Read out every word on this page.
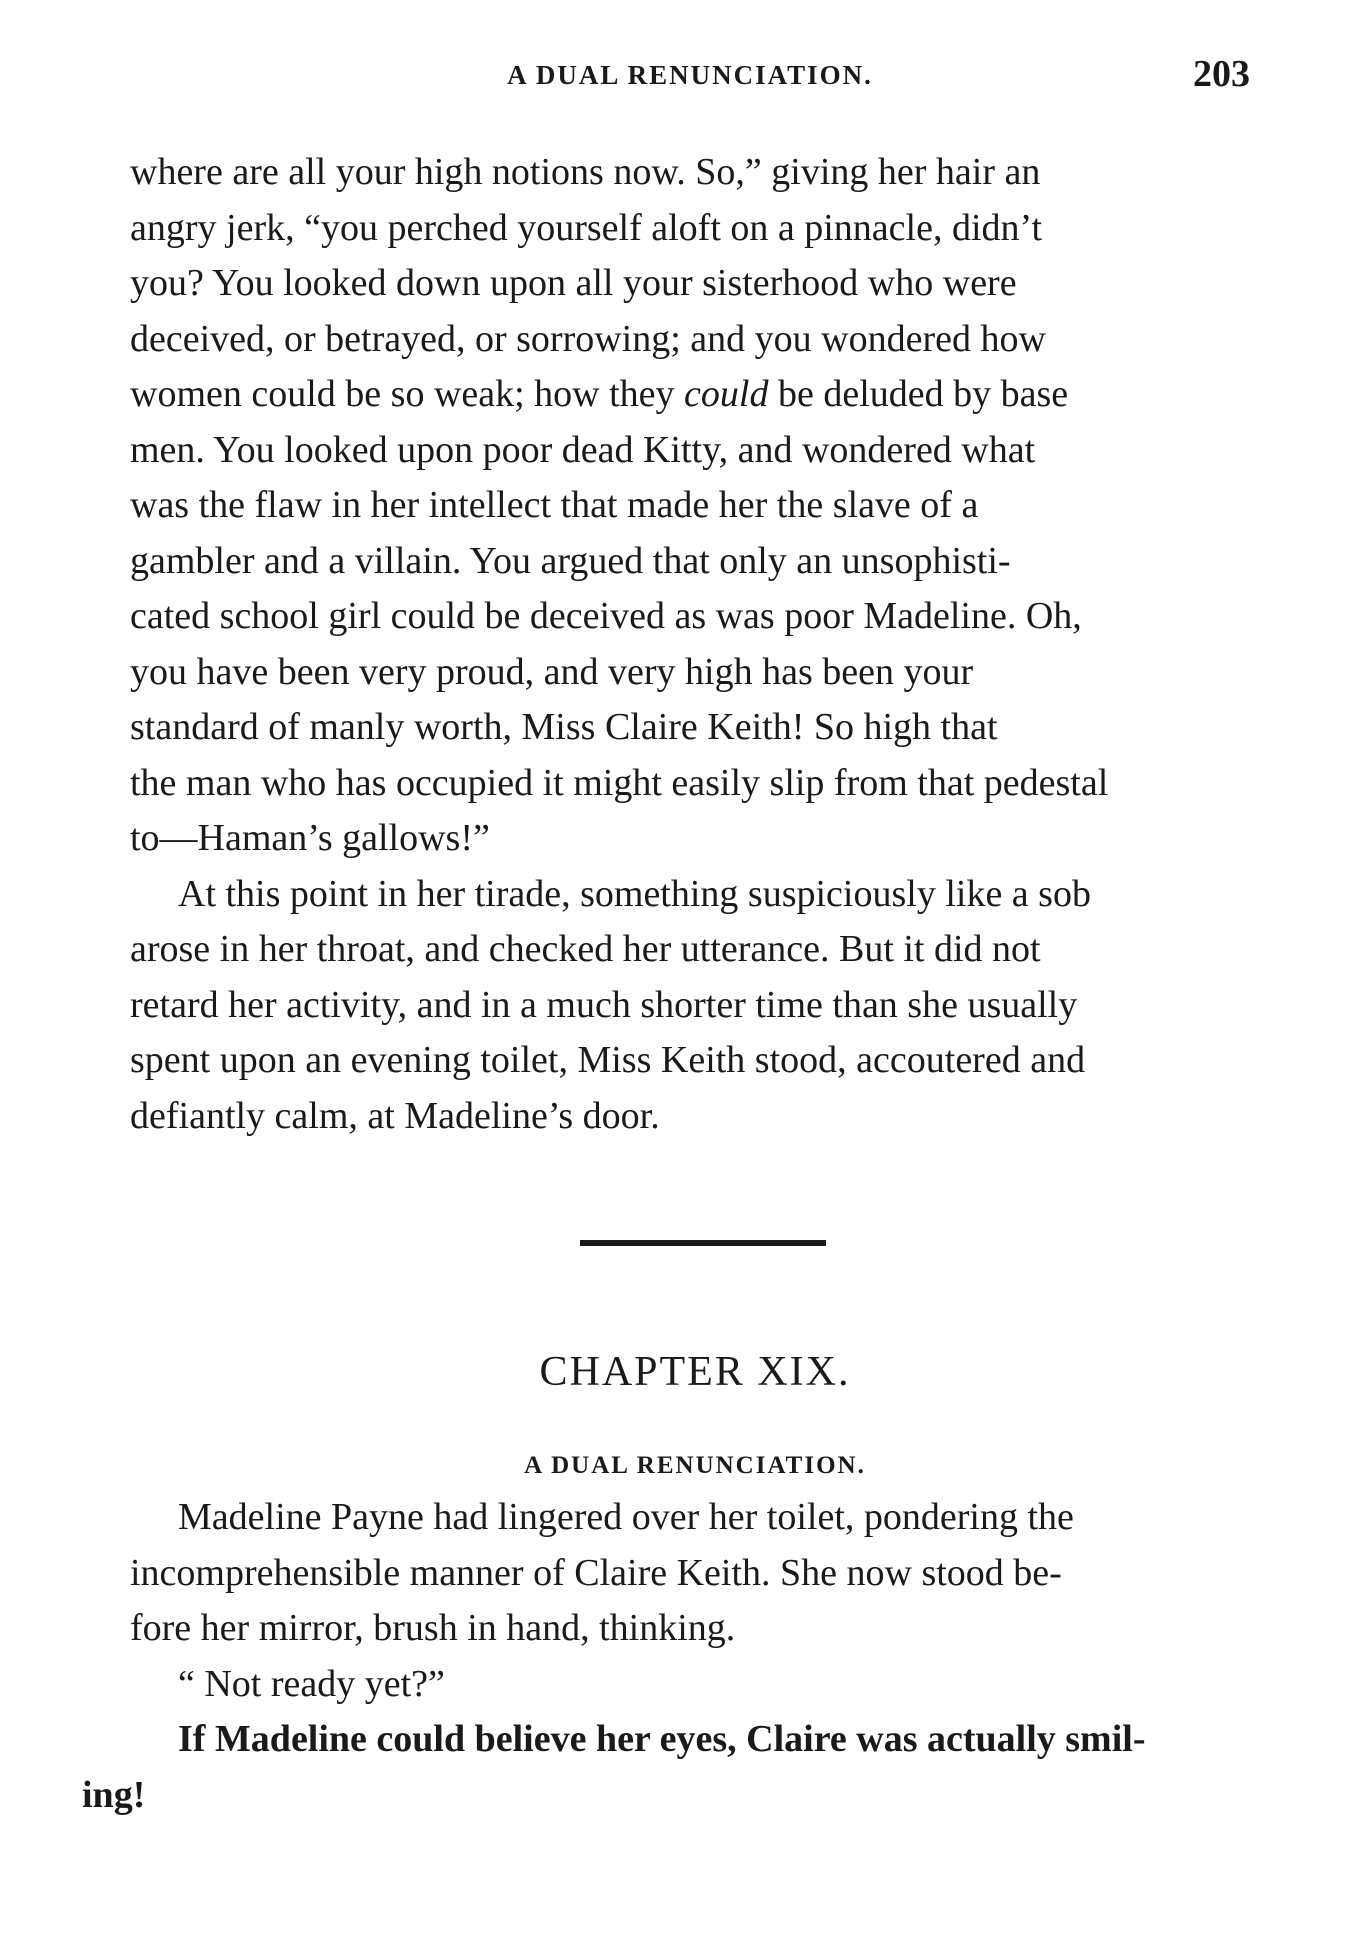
A DUAL RENUNCIATION.	203

where are all your high notions now. So,” giving her hair an
angry jerk, “you perched yourself aloft on a pinnacle, didn’t
you? You looked down upon all your sisterhood who were
deceived, or betrayed, or sorrowing; and you wondered how
women could be so weak; how they could be deluded by base
men. You looked upon poor dead Kitty, and wondered what
was the flaw in her intellect that made her the slave of a
gambler and a villain. You argued that only an unsophisti-
cated school girl could be deceived as was poor Madeline. Oh,
you have been very proud, and very high has been your
standard of manly worth, Miss Claire Keith! So high that
the man who has occupied it might easily slip from that pedestal
to—Haman’s gallows!”

At this point in her tirade, something suspiciously like a sob
arose in her throat, and checked her utterance. But it did not
retard her activity, and in a much shorter time than she usually
spent upon an evening toilet, Miss Keith stood, accoutered and
defiantly calm, at Madeline’s door.

CHAPTER XIX.
A DUAL RENUNCIATION.

Madeline Payne had lingered over her toilet, pondering the
incomprehensible manner of Claire Keith. She now stood be-
fore her mirror, brush in hand, thinking.

“ Not ready yet?”

If Madeline could believe her eyes, Claire was actually smil-
ing!
